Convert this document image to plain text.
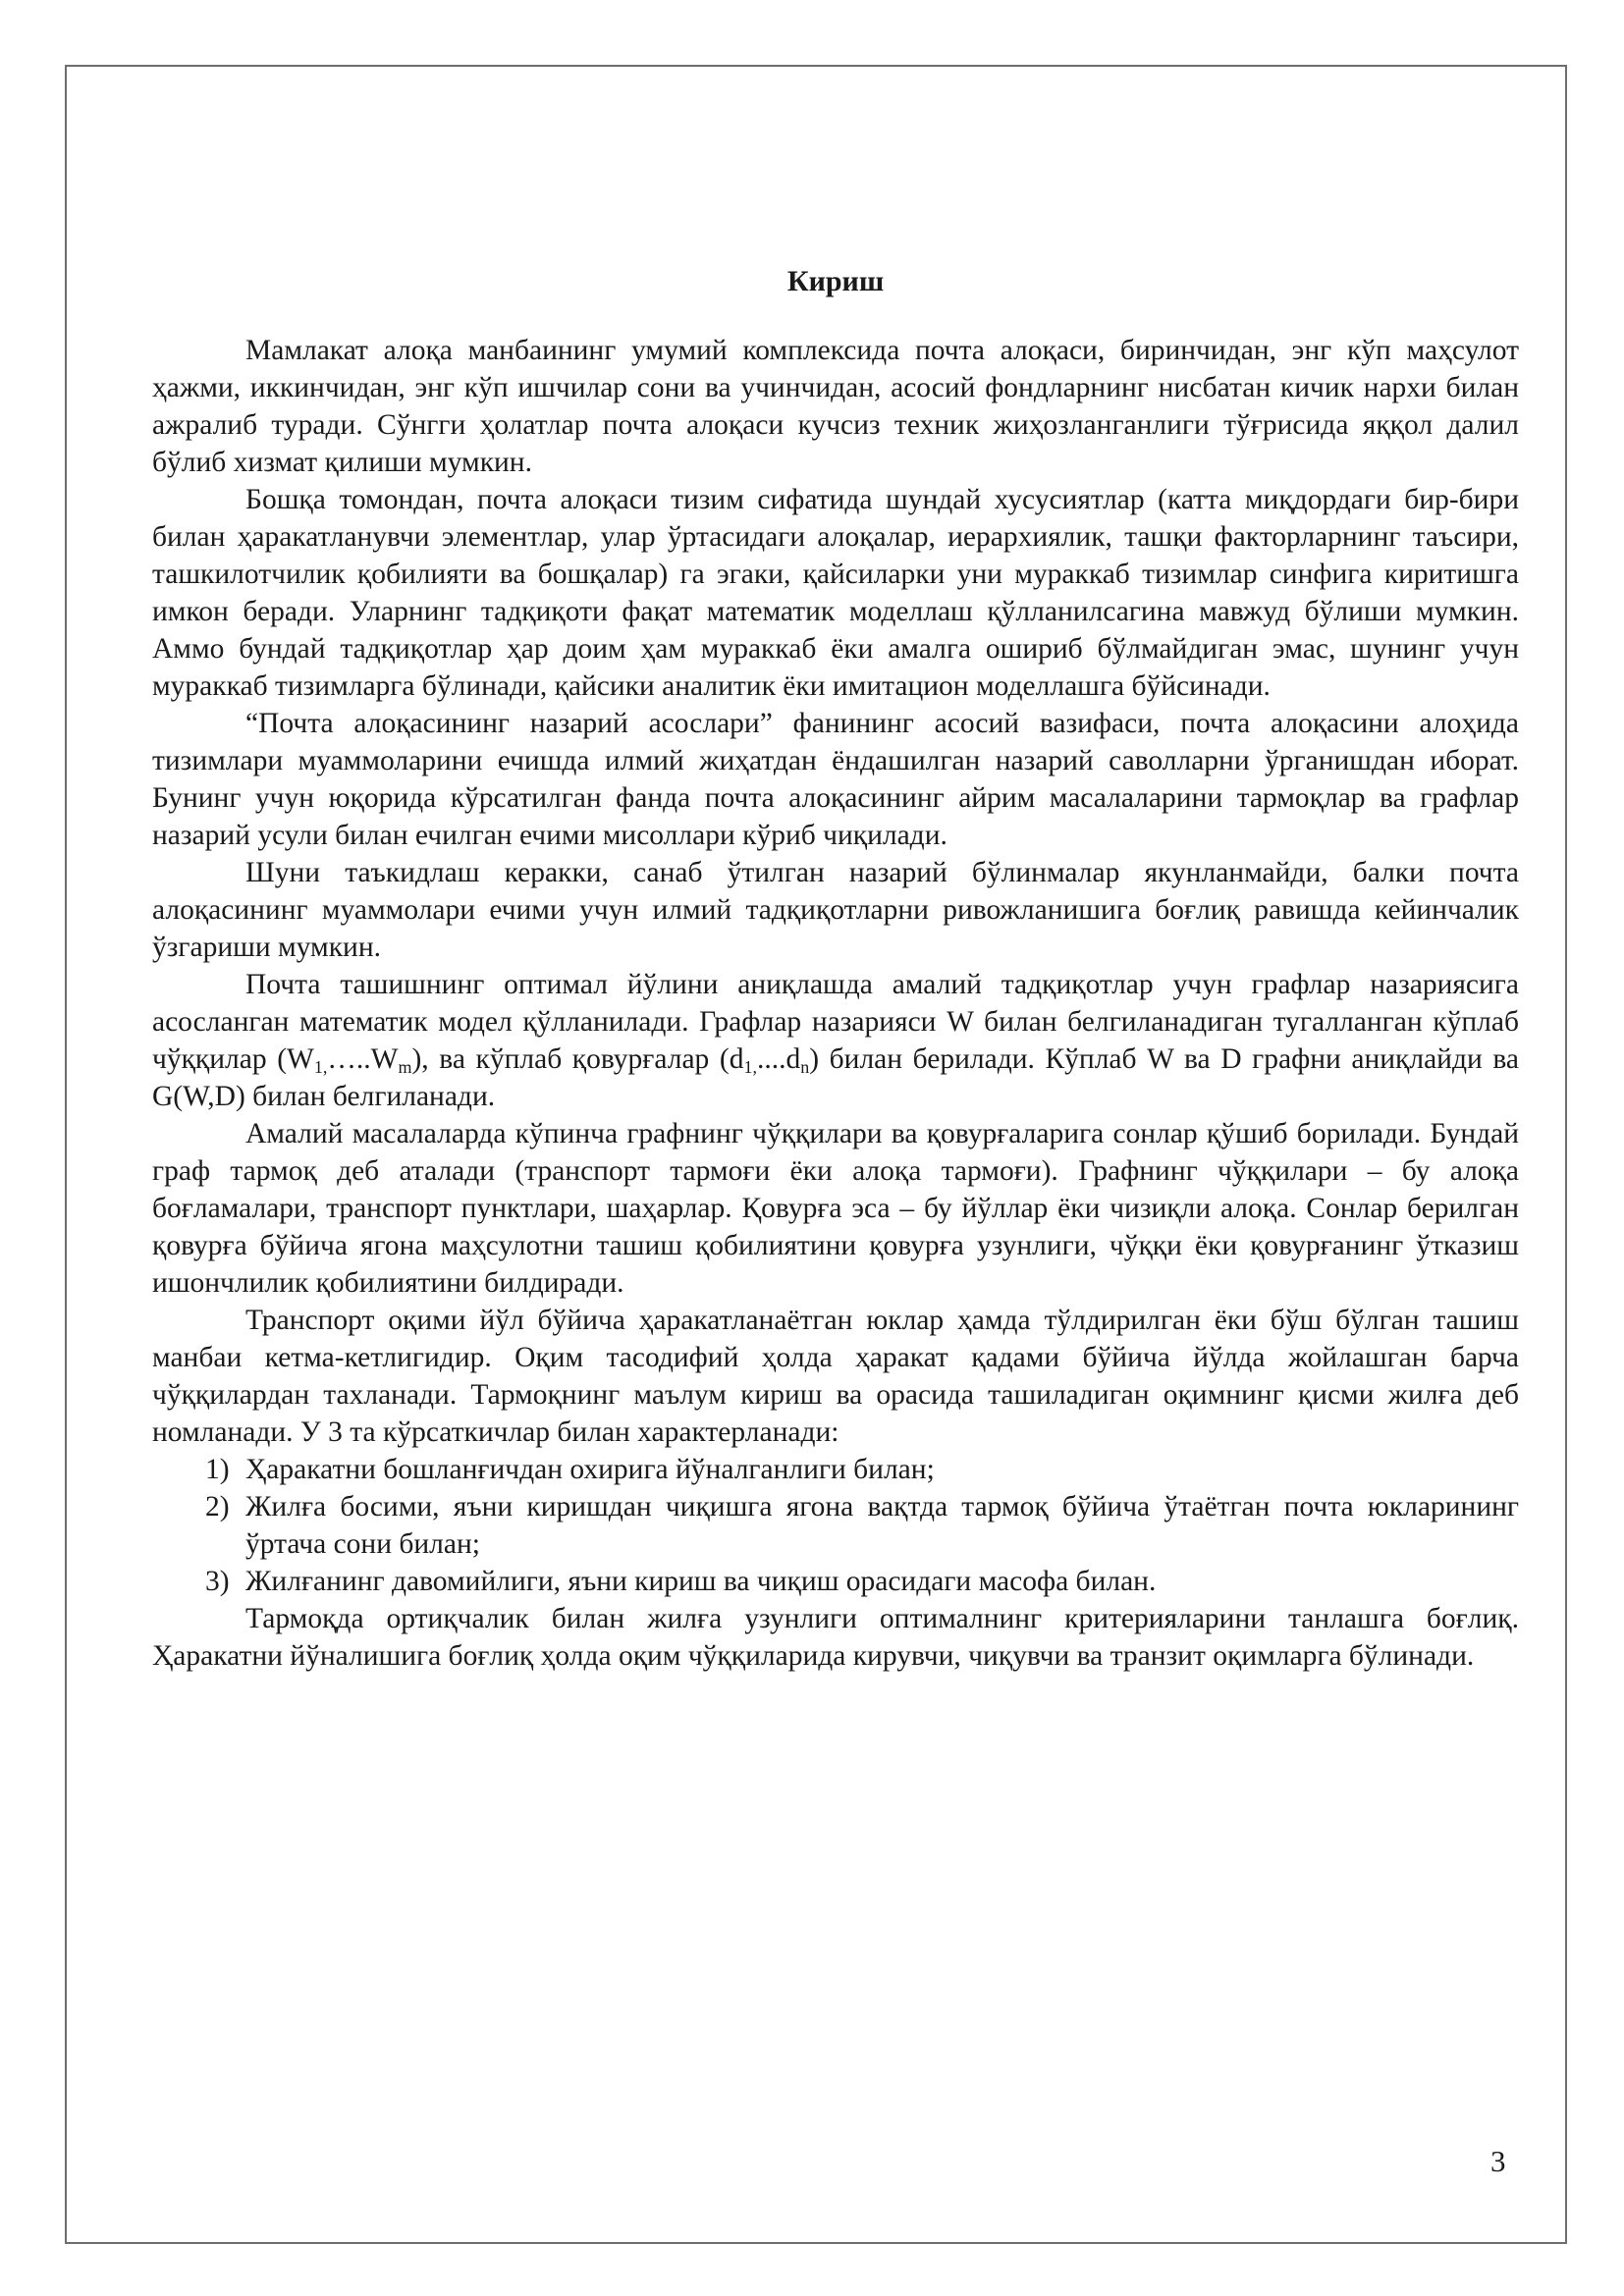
Кириш

Мамлакат алоқа манбаининг умумий комплексида почта алоқаси, биринчидан, энг кўп маҳсулот ҳажми, иккинчидан, энг кўп ишчилар сони ва учинчидан, асосий фондларнинг нисбатан кичик нархи билан ажралиб туради. Сўнгги ҳолатлар почта алоқаси кучсиз техник жиҳозланганлиги тўғрисида яққол далил бўлиб хизмат қилиши мумкин.

Бошқа томондан, почта алоқаси тизим сифатида шундай хусусиятлар (катта миқдордаги бир-бири билан ҳаракатланувчи элементлар, улар ўртасидаги алоқалар, иерархиялик, ташқи факторларнинг таъсири, ташкилотчилик қобилияти ва бошқалар) га эгаки, қайсиларки уни мураккаб тизимлар синфига киритишга имкон беради. Уларнинг тадқиқоти фақат математик моделлаш қўлланилсагина мавжуд бўлиши мумкин. Аммо бундай тадқиқотлар ҳар доим ҳам мураккаб ёки амалга ошириб бўлмайдиган эмас, шунинг учун мураккаб тизимларга бўлинади, қайсики аналитик ёки имитацион моделлашга бўйсинади.

“Почта алоқасининг назарий асослари” фанининг асосий вазифаси, почта алоқасини алоҳида тизимлари муаммоларини ечишда илмий жиҳатдан ёндашилган назарий саволларни ўрганишдан иборат. Бунинг учун юқорида кўрсатилган фанда почта алоқасининг айрим масалаларини тармоқлар ва графлар назарий усули билан ечилган ечими мисоллари кўриб чиқилади.

Шуни таъкидлаш керакки, санаб ўтилган назарий бўлинмалар якунланмайди, балки почта алоқасининг муаммолари ечими учун илмий тадқиқотларни ривожланишига боғлиқ равишда кейинчалик ўзгариши мумкин.

Почта ташишнинг оптимал йўлини аниқлашда амалий тадқиқотлар учун графлар назариясига асосланган математик модел қўлланилади. Графлар назарияси W билан белгиланадиган тугалланган кўплаб чўққилар $(W_{1,}\dots..W_m)$, ва кўплаб қовурғалар $(d_{1,}....d_n)$ билан берилади. Кўплаб W ва D графни аниқлайди ва G(W,D) билан белгиланади.

Амалий масалаларда кўпинча графнинг чўққилари ва қовурғаларига сонлар қўшиб борилади. Бундай граф тармоқ деб аталади (транспорт тармоғи ёки алоқа тармоғи). Графнинг чўққилари – бу алоқа боғламалари, транспорт пунктлари, шаҳарлар. Қовурға эса – бу йўллар ёки чизиқли алоқа. Сонлар берилган қовурға бўйича ягона маҳсулотни ташиш қобилиятини қовурға узунлиги, чўққи ёки қовурғанинг ўтказиш ишончлилик қобилиятини билдиради.

Транспорт оқими йўл бўйича ҳаракатланаётган юклар ҳамда тўлдирилган ёки бўш бўлган ташиш манбаи кетма-кетлигидир. Оқим тасодифий ҳолда ҳаракат қадами бўйича йўлда жойлашган барча чўққилардан тахланади. Тармоқнинг маълум кириш ва орасида ташиладиган оқимнинг қисми жилға деб номланади. У 3 та кўрсаткичлар билан характерланади:

1) Ҳаракатни бошланғичдан охирига йўналганлиги билан;
2) Жилға босими, яъни киришдан чиқишга ягона вақтда тармоқ бўйича ўтаётган почта юкларининг ўртача сони билан;
3) Жилғанинг давомийлиги, яъни кириш ва чиқиш орасидаги масофа билан.

Тармоқда ортиқчалик билан жилға узунлиги оптималнинг критерияларини танлашга боғлиқ. Ҳаракатни йўналишига боғлиқ ҳолда оқим чўққиларида кирувчи, чиқувчи ва транзит оқимларга бўлинади.

3
